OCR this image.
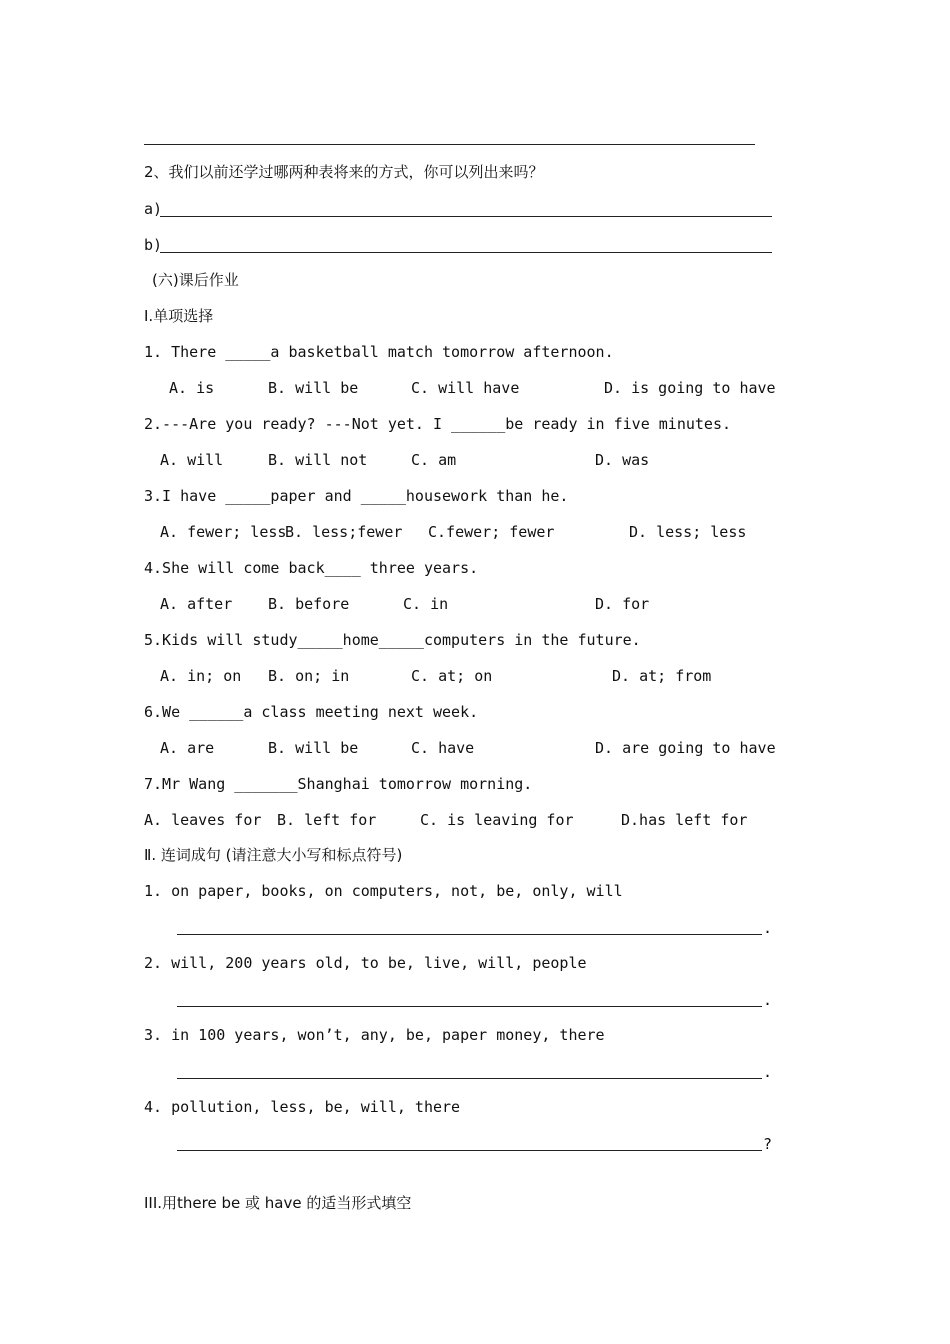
2、我们以前还学过哪两种表将来的方式，你可以列出来吗？
a)
b)
(六)课后作业
I.单项选择
1. There _____a basketball match tomorrow afternoon.
A. is	B. will be	C. will have	D. is going to have
2.---Are you ready? ---Not yet. I ______be ready in five minutes.
A. will	B. will not	C. am	D. was
3.I have _____paper and _____housework than he.
A. fewer; less
B. less;fewer C.fewer; fewer	D. less; less
4.She will come back____ three years.
A. after B. before	C. in	D. for
5.Kids will study_____home_____computers in the future.
A. in; on B. on; in	C. at; on	D. at; from
6.We ______a class meeting next week.
A. are	B. will be	C. have	D. are going to have
7.Mr Wang _______Shanghai tomorrow morning.
A. leaves for B. left for	C. is leaving for	D.has left for
Ⅱ. 连词成句 (请注意大小写和标点符号)
1. on paper, books, on computers, not, be, only, will
.
2. will, 200 years old, to be, live, will, people
.
3. in 100 years, won’t, any, be, paper money, there
.
4. pollution, less, be, will, there
?
III.用there be 或 have 的适当形式填空
